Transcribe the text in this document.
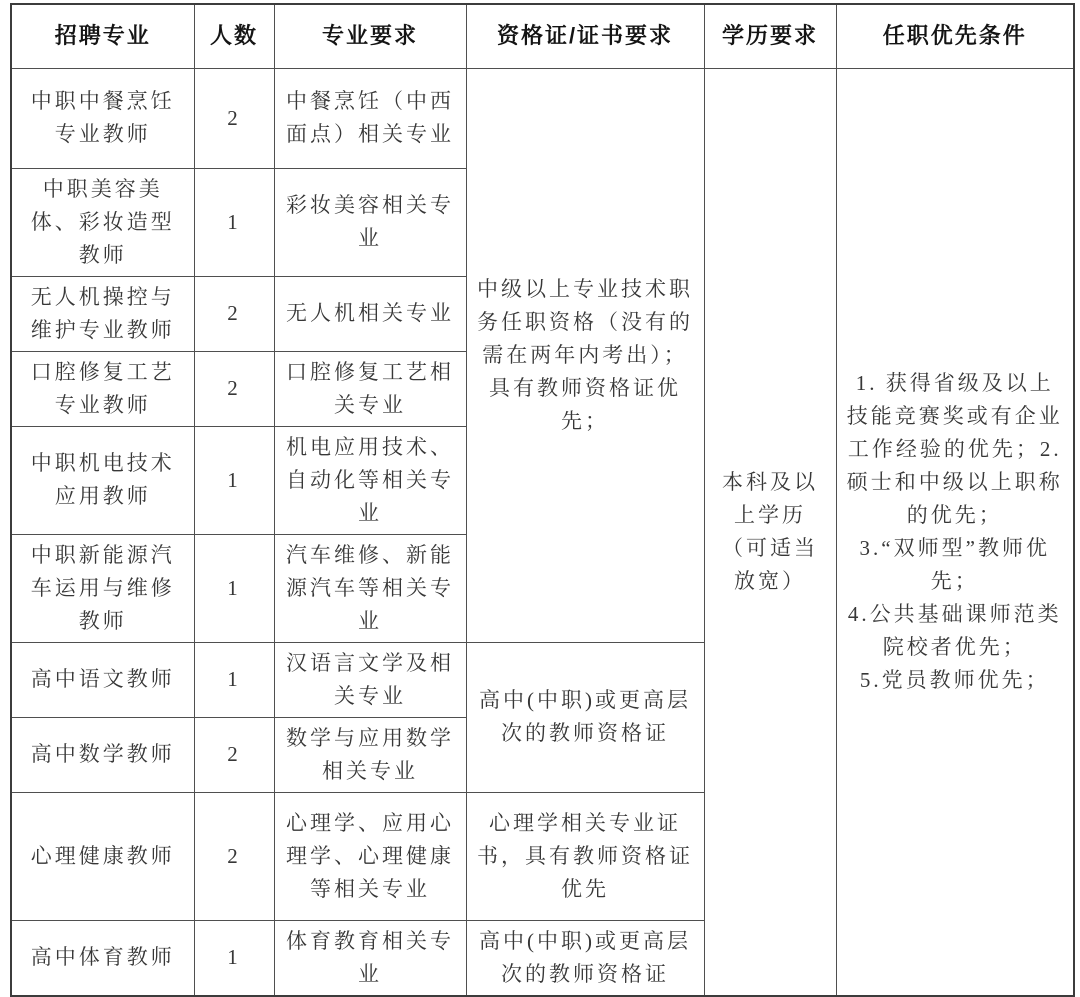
招聘专业	人数	专业要求	资格证/证书要求	学历要求	任职优先条件
中职中餐烹饪专业教师	2	中餐烹饪（中西面点）相关专业	中级以上专业技术职务任职资格（没有的需在两年内考出）；具有教师资格证优先；	本科及以上学历（可适当放宽）	1. 获得省级及以上技能竞赛奖或有企业工作经验的优先；2.硕士和中级以上职称的优先；
3.“双师型”教师优先；
4.公共基础课师范类院校者优先；
5.党员教师优先；

中职美容美体、彩妆造型教师	1	彩妆美容相关专业			
无人机操控与维护专业教师	2	无人机相关专业			
口腔修复工艺专业教师	2	口腔修复工艺相关专业			
中职机电技术应用教师	1	机电应用技术、自动化等相关专业			
中职新能源汽车运用与维修教师	1	汽车维修、新能源汽车等相关专业			
高中语文教师	1	汉语言文学及相关专业	高中(中职)或更高层次的教师资格证		
高中数学教师	2	数学与应用数学相关专业			
心理健康教师	2	心理学、应用心理学、心理健康等相关专业	心理学相关专业证书，具有教师资格证优先		
高中体育教师	1	体育教育相关专业	高中(中职)或更高层次的教师资格证		
